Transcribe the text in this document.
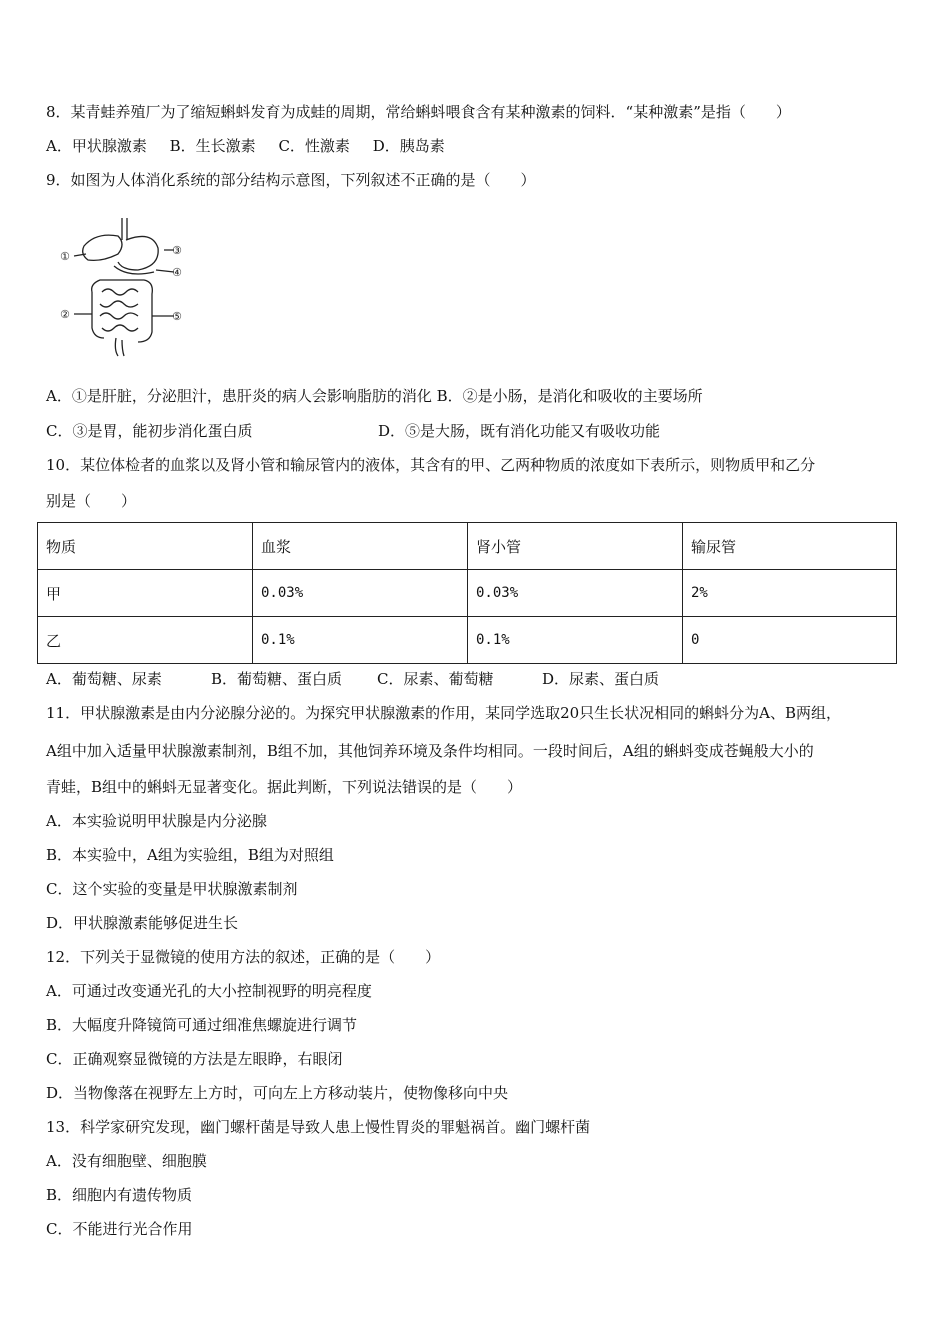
8．某青蛙养殖厂为了缩短蝌蚪发育为成蛙的周期，常给蝌蚪喂食含有某种激素的饲料．“某种激素”是指（　　）
A．甲状腺激素 B．生长激素 C．性激素 D．胰岛素
9．如图为人体消化系统的部分结构示意图，下列叙述不正确的是（　　）
①
②
③
④
⑤
A．①是肝脏，分泌胆汁，患肝炎的病人会影响脂肪的消化 B．②是小肠，是消化和吸收的主要场所
C．③是胃，能初步消化蛋白质	D．⑤是大肠，既有消化功能又有吸收功能
10．某位体检者的血浆以及肾小管和输尿管内的液体，其含有的甲、乙两种物质的浓度如下表所示，则物质甲和乙分
别是（　　）
物质	血浆	肾小管	输尿管
甲	0.03%	0.03%	2%
乙	0.1%	0.1%	0
A．葡萄糖、尿素	B．葡萄糖、蛋白质 C．尿素、葡萄糖	D．尿素、蛋白质
11．甲状腺激素是由内分泌腺分泌的。为探究甲状腺激素的作用，某同学选取20只生长状况相同的蝌蚪分为A、B两组，
A组中加入适量甲状腺激素制剂，B组不加，其他饲养环境及条件均相同。一段时间后，A组的蝌蚪变成苍蝇般大小的
青蛙，B组中的蝌蚪无显著变化。据此判断，下列说法错误的是（　　）
A．本实验说明甲状腺是内分泌腺
B．本实验中，A组为实验组，B组为对照组
C．这个实验的变量是甲状腺激素制剂
D．甲状腺激素能够促进生长
12．下列关于显微镜的使用方法的叙述，正确的是（　　）
A．可通过改变通光孔的大小控制视野的明亮程度
B．大幅度升降镜筒可通过细准焦螺旋进行调节
C．正确观察显微镜的方法是左眼睁，右眼闭
D．当物像落在视野左上方时，可向左上方移动装片，使物像移向中央
13．科学家研究发现，幽门螺杆菌是导致人患上慢性胃炎的罪魁祸首。幽门螺杆菌
A．没有细胞壁、细胞膜
B．细胞内有遗传物质
C．不能进行光合作用
